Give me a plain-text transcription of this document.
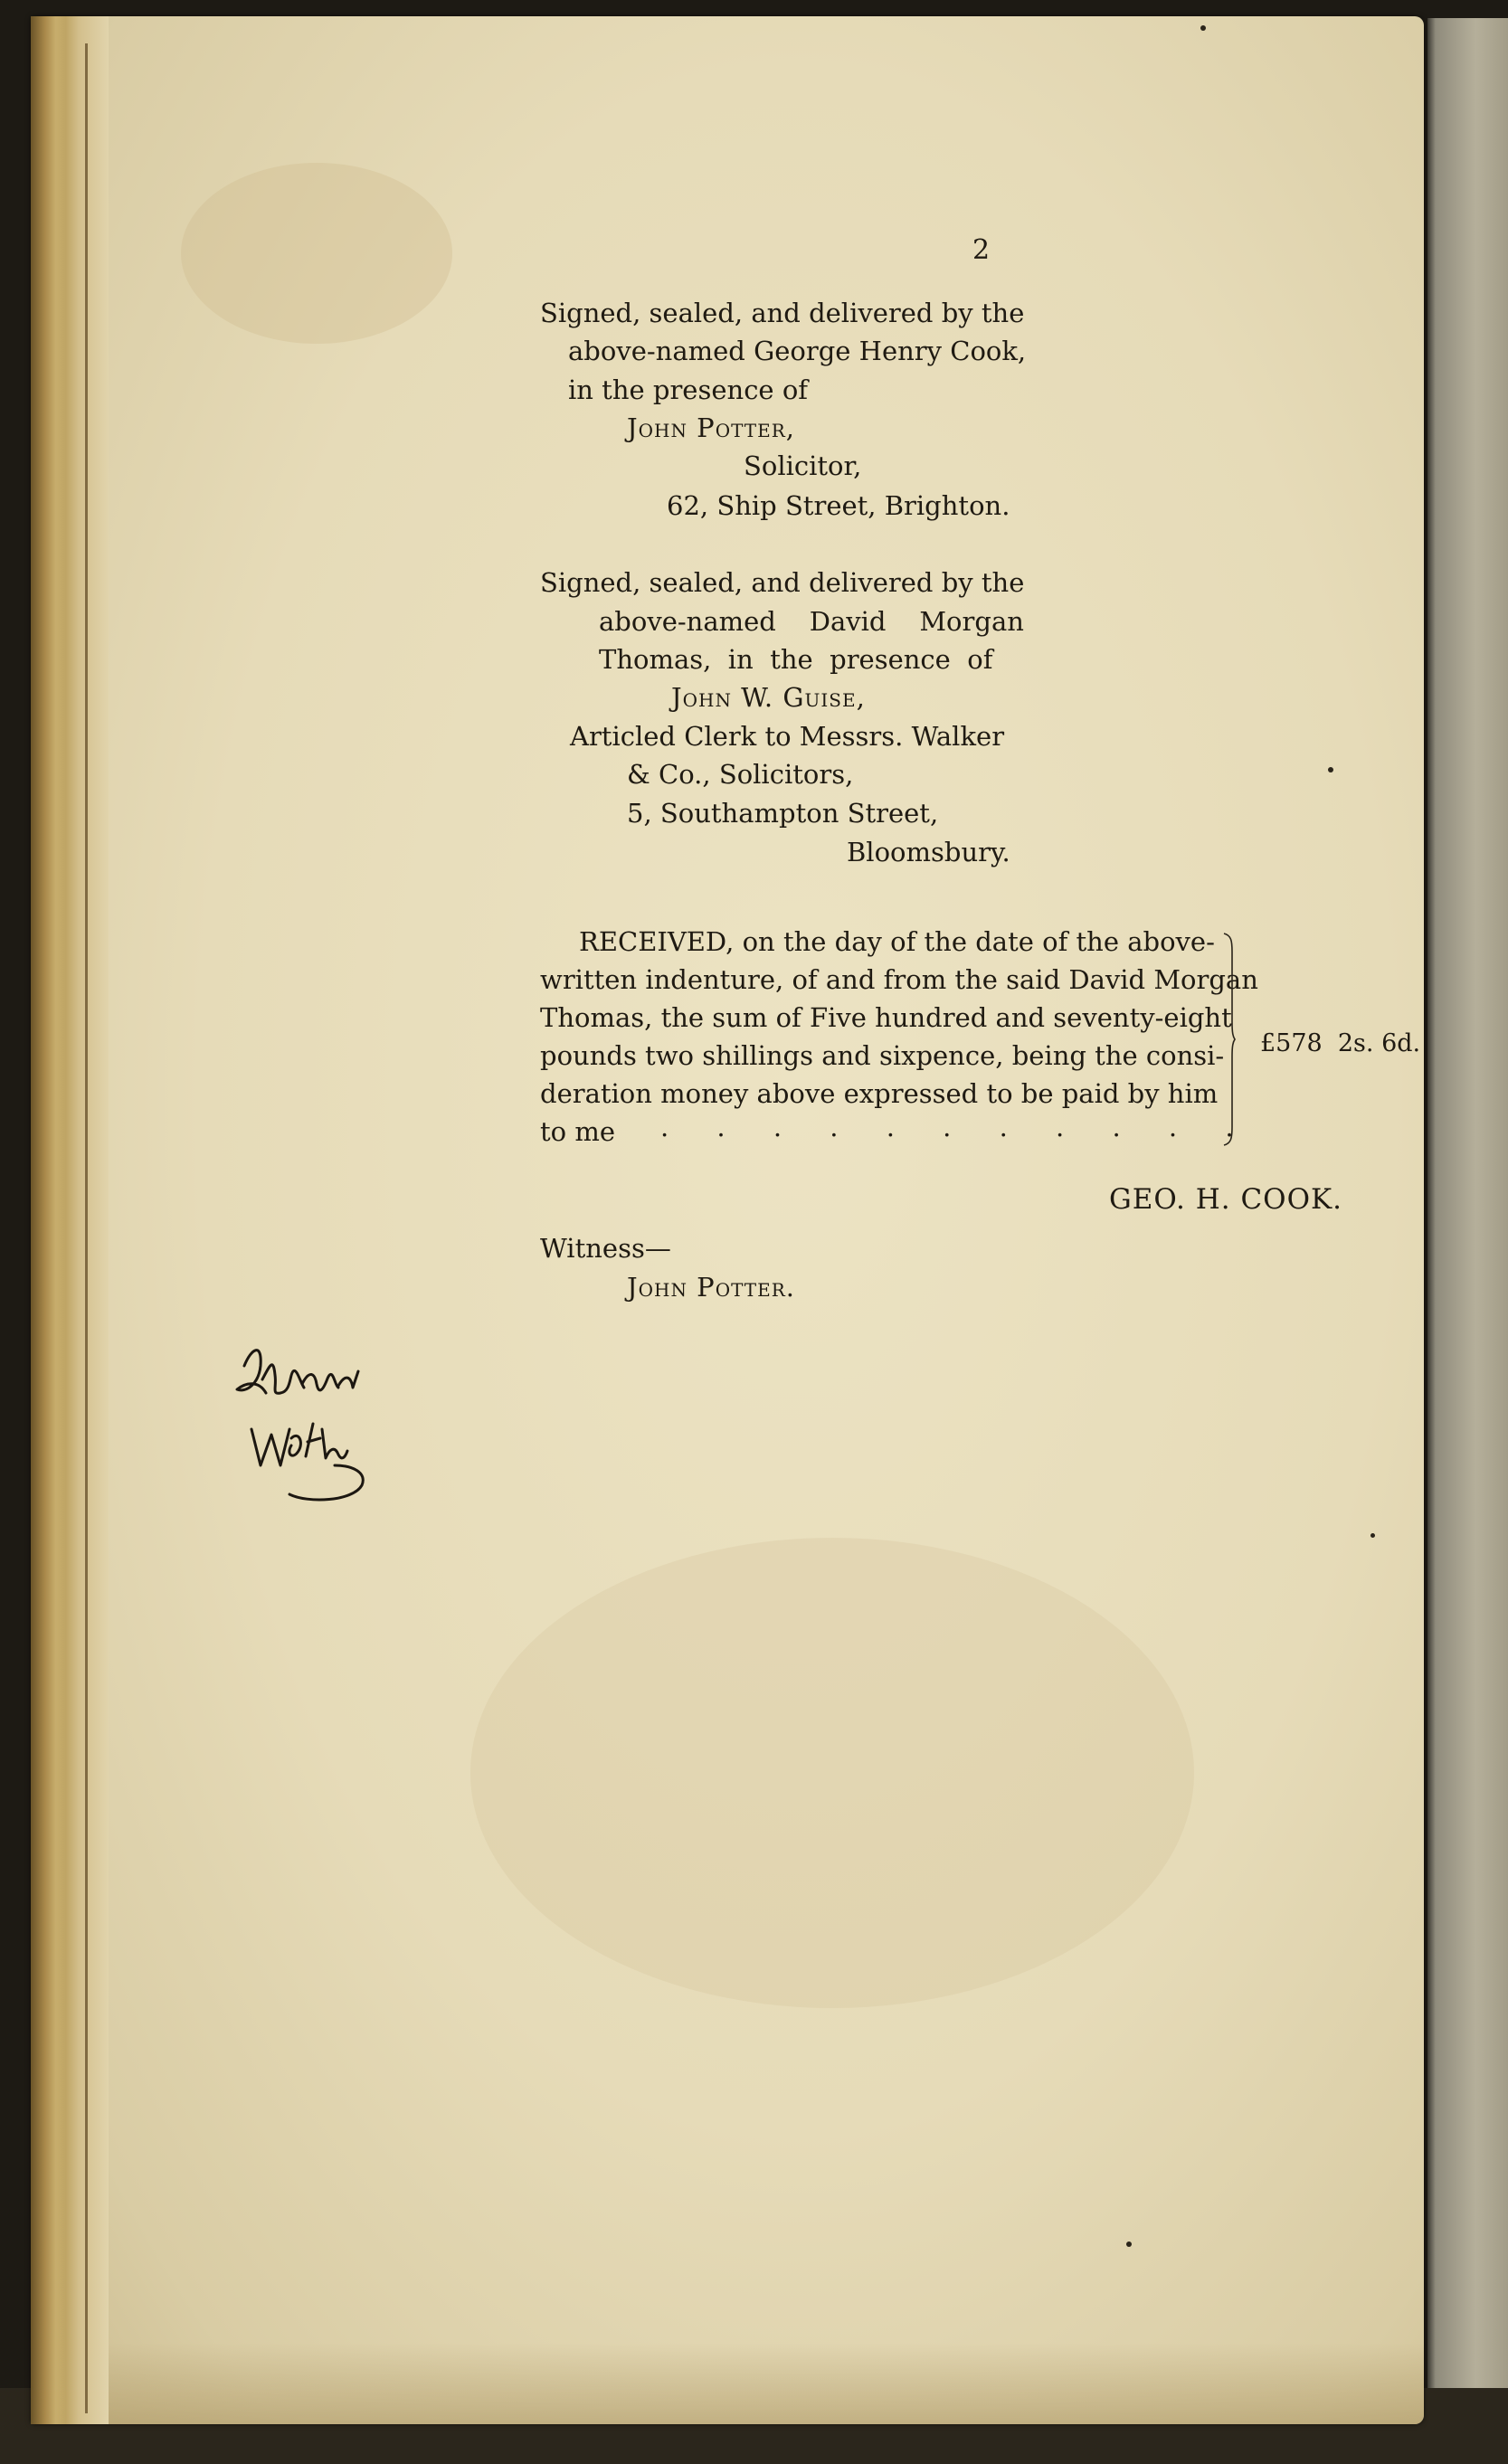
2
Signed, sealed, and delivered by the
above-named George Henry Cook,
in the presence of
John Potter,
Solicitor,
62, Ship Street, Brighton.
Signed, sealed, and delivered by the
above-named    David    Morgan
Thomas,  in  the  presence  of
John W. Guise,
Articled Clerk to Messrs. Walker
& Co., Solicitors,
5, Southampton Street,
Bloomsbury.
RECEIVED, on the day of the date of the above-
written indenture, of and from the said David Morgan
Thomas, the sum of Five hundred and seventy-eight
pounds two shillings and sixpence, being the consi-
deration money above expressed to be paid by him
to me . . . . . . . . . . .
£578  2s. 6d.
GEO. H. COOK.
Witness—
John Potter.
